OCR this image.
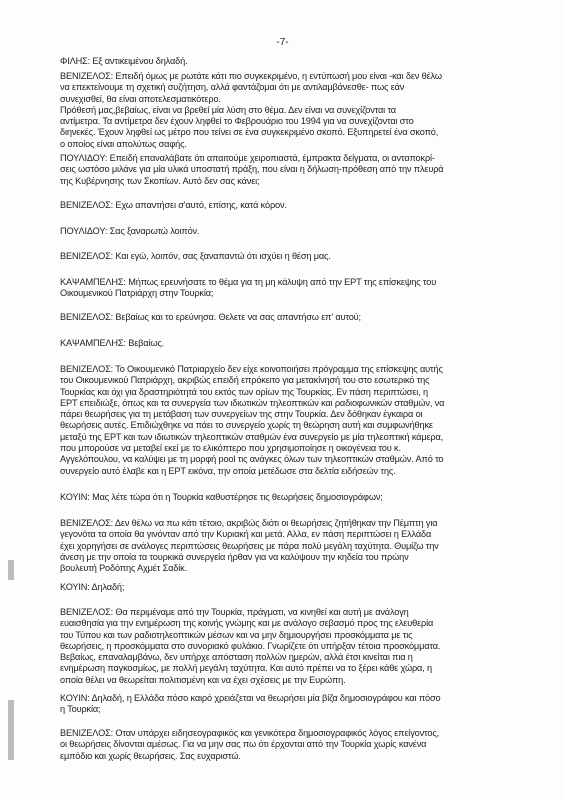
-7-
ΦΙΛΗΣ: Εξ αντικειμένου δηλαδή.
ΒΕΝΙΖΕΛΟΣ: Επειδή όμως με ρωτάτε κάτι πιο συγκεκριμένο, η εντύπωσή μου είναι -και δεν θέλω
να επεκτείνουμε τη σχετική συζήτηση, αλλά φαντάζομαι ότι με αντιλαμβάνεσθε- πως εάν
συνεχισθεί, θα είναι αποτελεσματικότερο.
Πρόθεσή μας,βεβαίως, είναι να βρεθεί μία λύση στο θέμα. Δεν είναι να συνεχίζονται τα
αντίμετρα. Τα αντίμετρα δεν έχουν ληφθεί το Φεβρουάριο του 1994 για να συνεχίζονται στο
διηνεκές. Έχουν ληφθεί ως μέτρο που τείνει σε ένα συγκεκριμένο σκοπό. Εξυπηρετεί ένα σκοπό,
ο οποίος είναι απολύτως σαφής.
ΠΟΥΛΙΔΟΥ: Επειδή επαναλάβατε ότι απαιτούμε χειροπιαστά, έμπρακτα δείγματα, οι ανταποκρί-
σεις ωστόσο μιλάνε για μία υλικά υποστατή πράξη, που είναι η δήλωση-πρόθεση από την πλευρά
της Κυβέρνησης των Σκοπίων. Αυτό δεν σας κάνει;
ΒΕΝΙΖΕΛΟΣ: Εχω απαντήσει σ'αυτό, επίσης, κατά κόρον.
ΠΟΥΛΙΔΟΥ: Σας ξαναρωτώ λοιπόν.
ΒΕΝΙΖΕΛΟΣ: Και εγώ, λοιπόν, σας ξαναπαντώ ότι ισχύει η θέση μας.
ΚΑΨΑΜΠΕΛΗΣ: Μήπως ερευνήσατε το θέμα για τη μη κάλυψη από την ΕΡΤ της επίσκεψης του
Οικουμενικού Πατριάρχη στην Τουρκία;
ΒΕΝΙΖΕΛΟΣ: Βεβαίως και το ερεύνησα. Θελετε να σας απαντήσω επ' αυτού;
ΚΑΨΑΜΠΕΛΗΣ: Βεβαίως.
ΒΕΝΙΖΕΛΟΣ: Το Οικουμενικό Πατριαρχείο δεν είχε κοινοποιήσει πρόγραμμα της επίσκεψης αυτής
του Οικουμενικού Πατριάρχη, ακριβώς επειδή επρόκειτο για μετακίνησή του στο εσωτερικό της
Τουρκίας και όχι για δραστηριότητά του εκτός των ορίων της Τουρκίας. Εν πάση περιπτώσει, η
ΕΡΤ επειδιώξε, όπως και τα συνεργεία των ιδιωτικών τηλεοπτικών και ραδιοφωνικών σταθμών, να
πάρει θεωρήσεις για τη μετάβαση των συνεργείων της στην Τουρκία. Δεν δόθηκαν έγκαιρα οι
θεωρήσεις αυτές. Επιδιώχθηκε να πάει το συνεργείο χωρίς τη θεώρηση αυτή και συμφωνήθηκε
μεταξύ της ΕΡΤ και των ιδιωτικών τηλεοπτικών σταθμών ένα συνεργείο με μία τηλεοπτική κάμερα,
που μπορούσε να μεταβεί εκεί με το ελικόπτερο που χρησιμοποίησε η οικογένεια του κ.
Αγγελόπουλου, να καλύψει με τη μορφή pool τις ανάγκες όλων των τηλεοπτικών σταθμών. Από το
συνεργείο αυτό έλαβε και η ΕΡΤ εικόνα, την οποία μετέδωσε στα δελτία ειδήσεών της.
ΚΟΥΙΝ: Μας λέτε τώρα ότι η Τουρκία καθυστέρησε τις θεωρήσεις δημοσιογράφων;
ΒΕΝΙΖΕΛΟΣ: Δεν θέλω να πω κάτι τέτοιο, ακριβώς διότι οι θεωρήσεις ζητήθηκαν την Πέμπτη για
γεγονότα τα οποία θα γινόνταν από την Κυριακή και μετά. Αλλα, εν πάση περιπτώσει η Ελλάδα
έχει χορηγήσει σε ανάλογες περιπτώσεις θεωρήσεις με πάρα πολύ μεγάλη ταχύτητα. Θυμίζω την
άνεση με την οποία τα τουρκικά συνεργεία ήρθαν για να καλύψουν την κηδεία του πρώην
βουλευτή Ροδόπης Αχμέτ Σαδίκ.
ΚΟΥΙΝ: Δηλαδή;
ΒΕΝΙΖΕΛΟΣ: Θα περιμέναμε από την Τουρκία, πράγματι, να κινηθεί και αυτή με ανάλογη
ευαισθησία για την ενημέρωση της κοινής γνώμης και με ανάλογο σεβασμό προς της ελευθερία
του Τύπου και των ραδιοτηλεοπτικών μέσων και να μην δημιουργήσει προσκόμματα με τις
θεωρήσεις, η προσκόμματα στο συνοριακό φυλάκιο. Γνωρίζετε ότι υπήρξαν τέτοια προσκόμματα.
Βεβαίως, επαναλαμβάνω, δεν υπήρχε απόσταση πολλών ημερών, αλλά έτσι κινείται πια η
ενημέρωση παγκοσμίως, με πολλή μεγάλη ταχύτητα. Και αυτό πρέπει να το ξέρει κάθε χώρα, η
οποία θέλει να θεωρείται πολιτισμένη και να έχει σχέσεις με την Ευρώπη.
ΚΟΥΙΝ: Δηλαδή, η Ελλάδα πόσο καιρό χρειάζεται να θεωρήσει μία βίζα δημοσιογράφου και πόσο
η Τουρκία;
ΒΕΝΙΖΕΛΟΣ: Οταν υπάρχει ειδησεογραφικός και γενικότερα δημοσιογραφικός λόγος επείγοντος,
οι θεωρήσεις δίνονται αμέσως. Για να μην σας πω ότι έρχονται από την Τουρκία χωρίς κανένα
εμπόδιο και χωρίς θεωρήσεις. Σας ευχαριστώ.
